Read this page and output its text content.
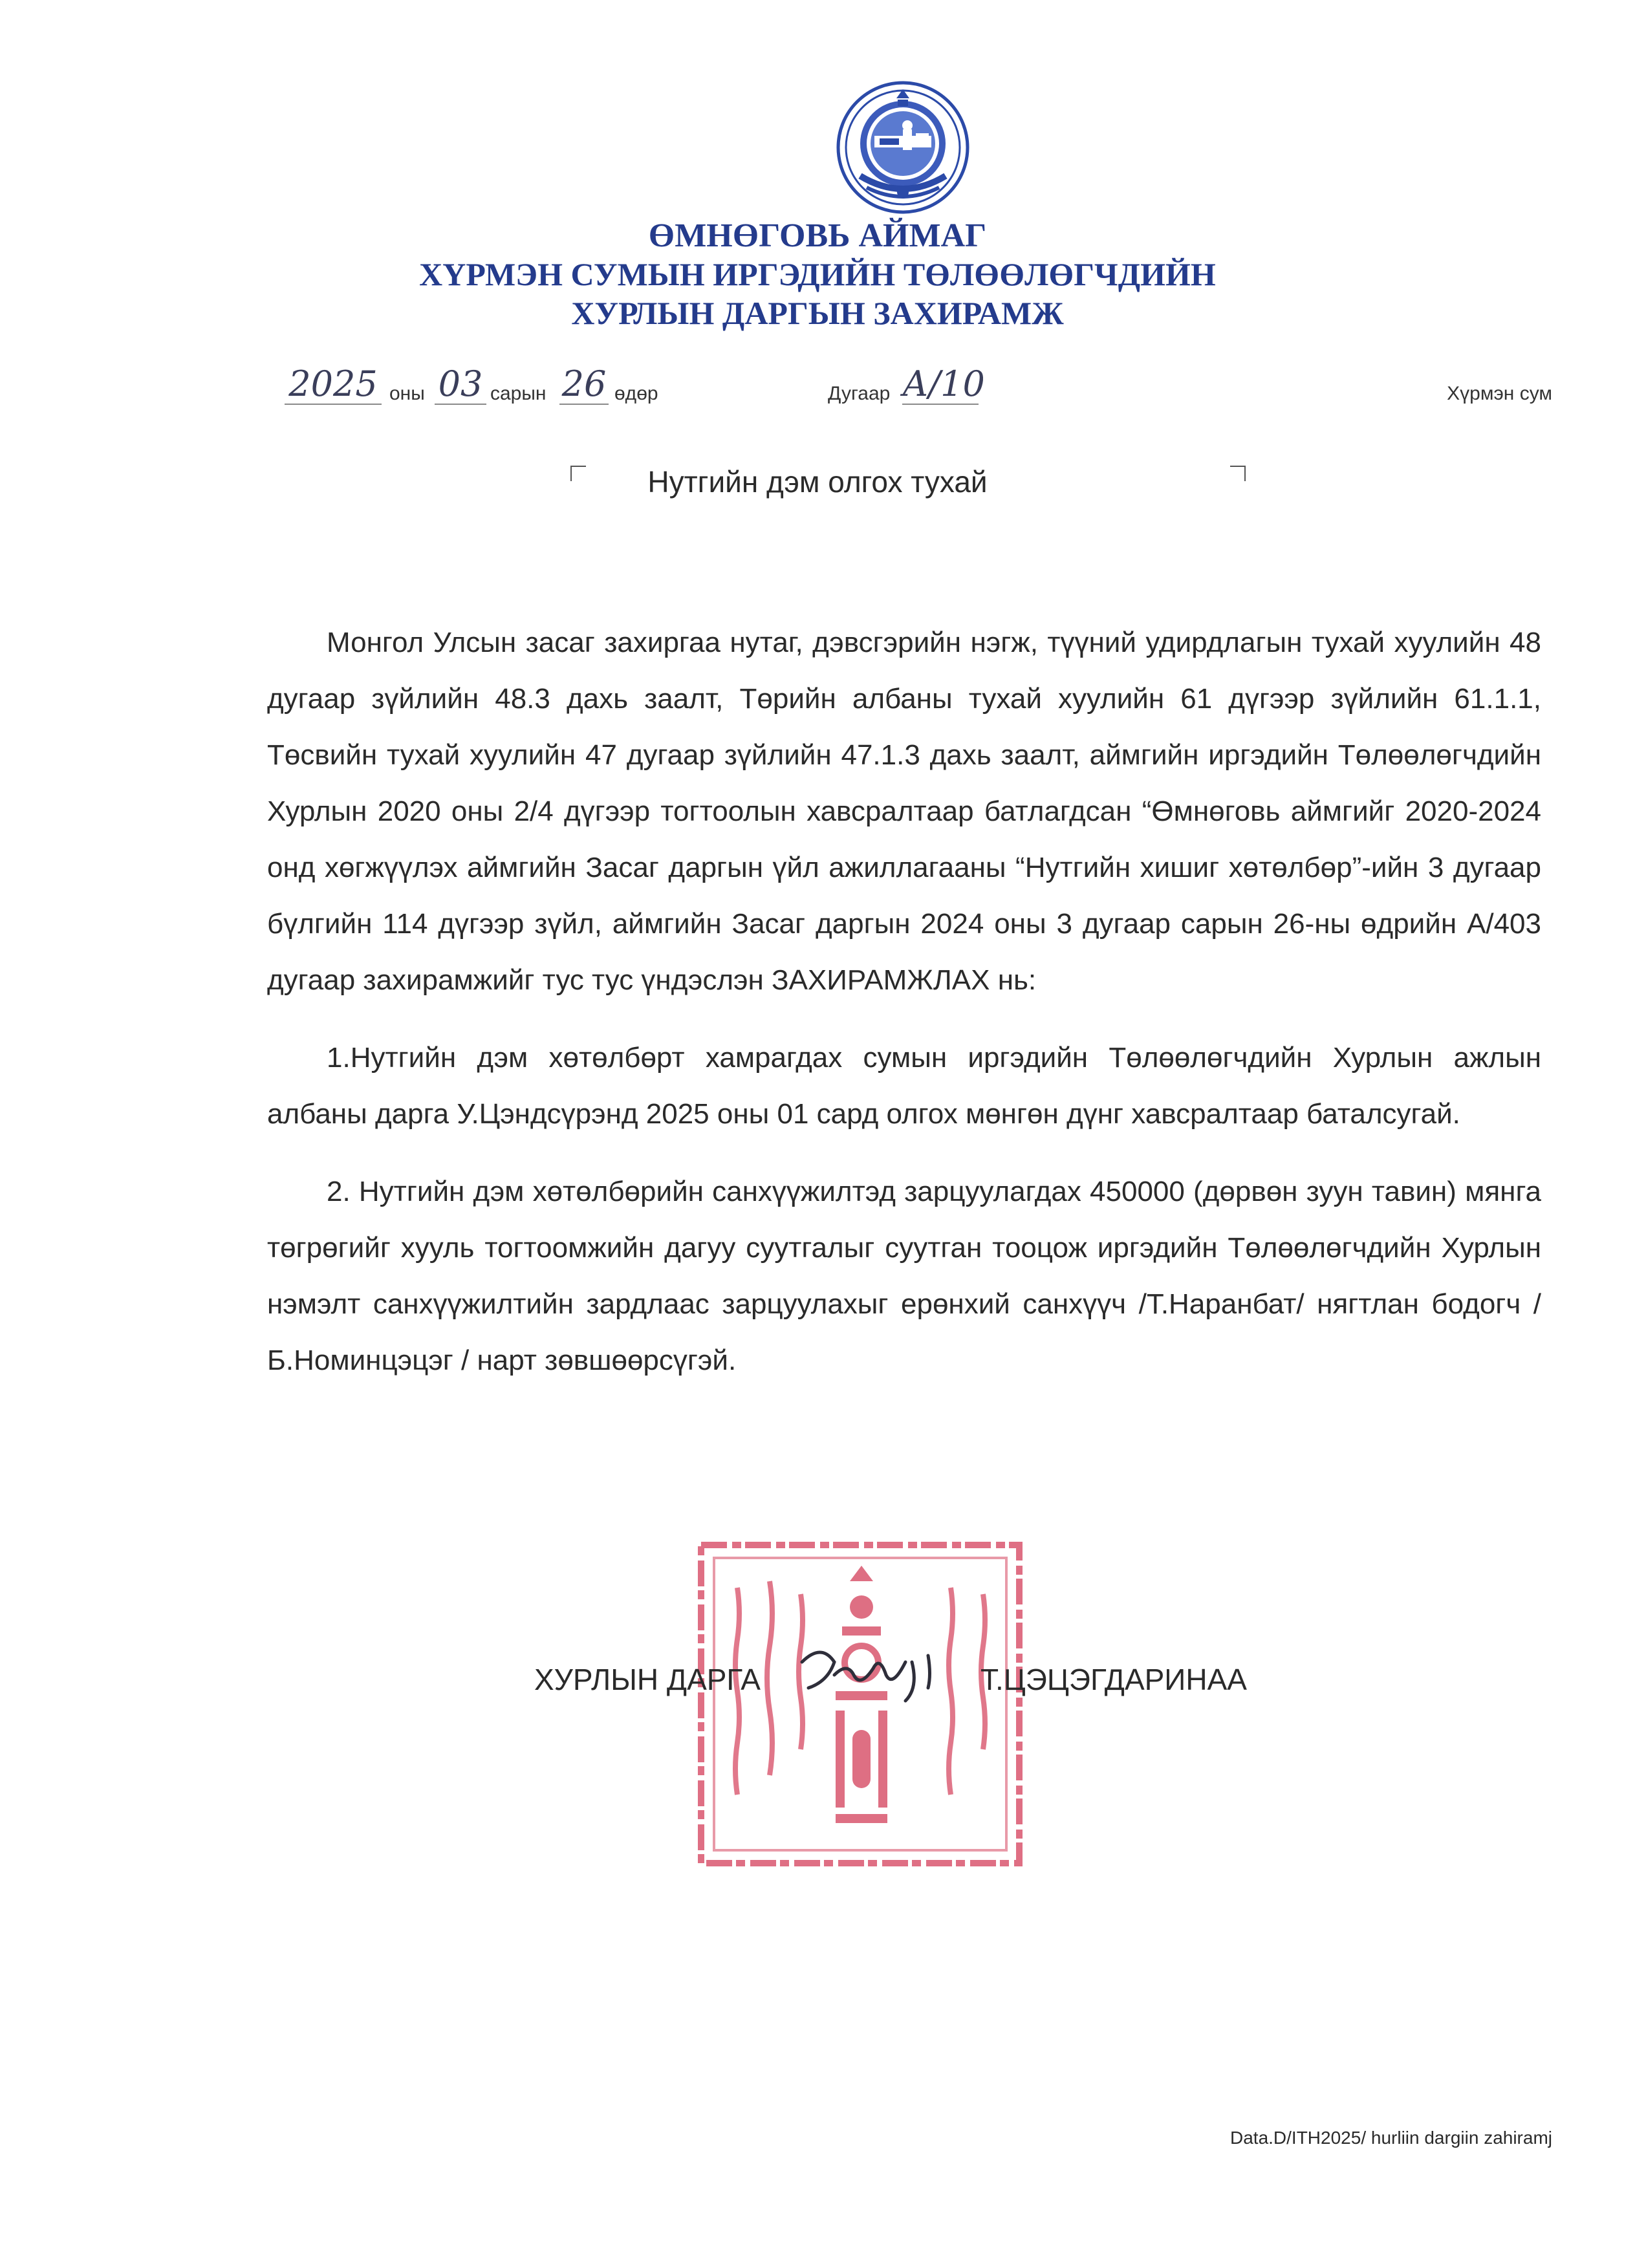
ӨМНӨГОВЬ АЙМАГ
ХҮРМЭН СУМЫН ИРГЭДИЙН ТӨЛӨӨЛӨГЧДИЙН
ХУРЛЫН ДАРГЫН ЗАХИРАМЖ
2025 оны 03 сарын 26 өдөр	Дугаар А/10	Хүрмэн сум
Нутгийн дэм олгох тухай

Монгол Улсын засаг захиргаа нутаг, дэвсгэрийн нэгж, түүний удирдлагын тухай хуулийн 48 дугаар зүйлийн 48.3 дахь заалт, Төрийн албаны тухай хуулийн 61 дүгээр зүйлийн 61.1.1, Төсвийн тухай хуулийн 47 дугаар зүйлийн 47.1.3 дахь заалт, аймгийн иргэдийн Төлөөлөгчдийн Хурлын 2020 оны 2/4 дүгээр тогтоолын хавсралтаар батлагдсан “Өмнөговь аймгийг 2020-2024 онд хөгжүүлэх аймгийн Засаг даргын үйл ажиллагааны “Нутгийн хишиг хөтөлбөр”-ийн 3 дугаар бүлгийн 114 дүгээр зүйл, аймгийн Засаг даргын 2024 оны 3 дугаар сарын 26-ны өдрийн А/403 дугаар захирамжийг тус тус үндэслэн ЗАХИРАМЖЛАХ нь:

1.Нутгийн дэм хөтөлбөрт хамрагдах сумын иргэдийн Төлөөлөгчдийн Хурлын ажлын албаны дарга У.Цэндсүрэнд 2025 оны 01 сард олгох мөнгөн дүнг хавсралтаар баталсугай.

2. Нутгийн дэм хөтөлбөрийн санхүүжилтэд зарцуулагдах 450000 (дөрвөн зуун тавин) мянга төгрөгийг хууль тогтоомжийн дагуу суутгалыг суутган тооцож иргэдийн Төлөөлөгчдийн Хурлын нэмэлт санхүүжилтийн зардлаас зарцуулахыг ерөнхий санхүүч /Т.Наранбат/ нягтлан бодогч /Б.Номинцэцэг / нарт зөвшөөрсүгэй.

ХУРЛЫН ДАРГА	Т.ЦЭЦЭГДАРИНАА
Data.D/ITH2025/ hurliin dargiin zahiramj
